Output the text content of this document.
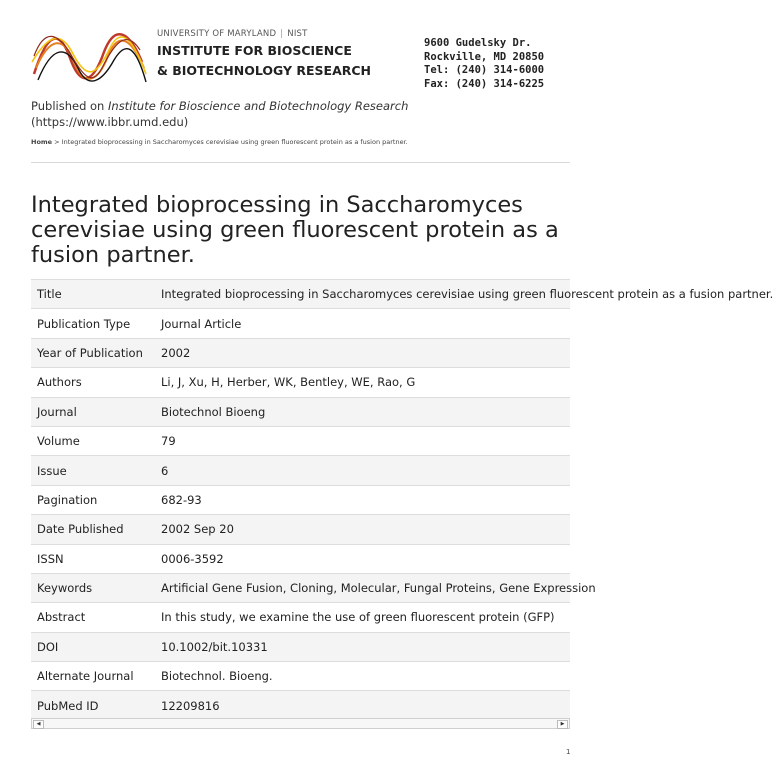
UNIVERSITY OF MARYLAND | NIST
INSTITUTE FOR BIOSCIENCE
& BIOTECHNOLOGY RESEARCH
9600 Gudelsky Dr.
Rockville, MD 20850
Tel: (240) 314-6000
Fax: (240) 314-6225
Published on Institute for Bioscience and Biotechnology Research
(https://www.ibbr.umd.edu)
Home > Integrated bioprocessing in Saccharomyces cerevisiae using green fluorescent protein as a fusion partner.
Integrated bioprocessing in Saccharomyces cerevisiae using green fluorescent protein as a fusion partner.
Title	Integrated bioprocessing in Saccharomyces cerevisiae using green fluorescent protein as a fusion partner.
Publication Type	Journal Article
Year of Publication	2002
Authors	Li, J, Xu, H, Herber, WK, Bentley, WE, Rao, G
Journal	Biotechnol Bioeng
Volume	79
Issue	6
Pagination	682-93
Date Published	2002 Sep 20
ISSN	0006-3592
Keywords	Artificial Gene Fusion, Cloning, Molecular, Fungal Proteins, Gene Expression
Abstract	In this study, we examine the use of green fluorescent protein (GFP)
DOI	10.1002/bit.10331
Alternate Journal	Biotechnol. Bioeng.
PubMed ID	12209816
◀	▶
1
